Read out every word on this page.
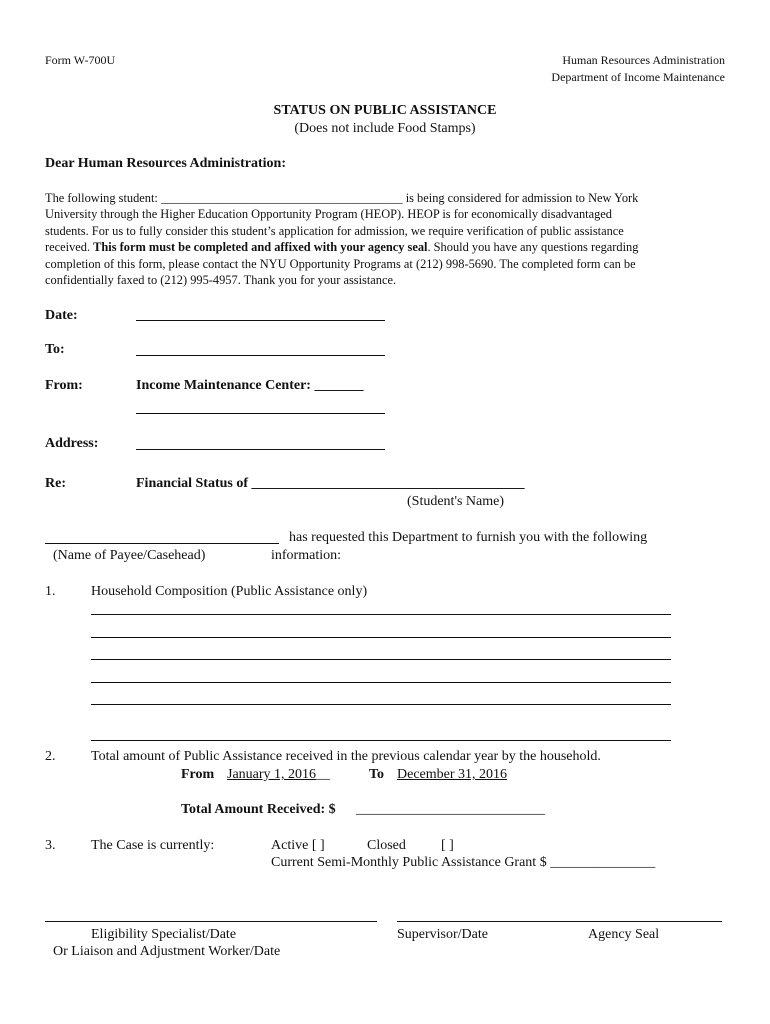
Form W-700U	Human Resources Administration
Department of Income Maintenance
STATUS ON PUBLIC ASSISTANCE
(Does not include Food Stamps)
Dear Human Resources Administration:
The following student: _______________________________________ is being considered for admission to New York
University through the Higher Education Opportunity Program (HEOP). HEOP is for economically disadvantaged
students. For us to fully consider this student’s application for admission, we require verification of public assistance
received. This form must be completed and affixed with your agency seal. Should you have any questions regarding
completion of this form, please contact the NYU Opportunity Programs at (212) 998-5690. The completed form can be
confidentially faxed to (212) 995-4957. Thank you for your assistance.
Date:
To:
From:	Income Maintenance Center: _______
Address:
Re:	Financial Status of _______________________________________
(Student's Name)
has requested this Department to furnish you with the following
(Name of Payee/Casehead)	information:
1.	Household Composition (Public Assistance only)
2.	Total amount of Public Assistance received in the previous calendar year by the household.
From January 1, 2016__	To December 31, 2016
Total Amount Received: $ ___________________________
3.	The Case is currently:	Active [ ]	Closed	[ ]
Current Semi-Monthly Public Assistance Grant $ _______________
Eligibility Specialist/Date
Or Liaison and Adjustment Worker/Date
Supervisor/Date	Agency Seal
